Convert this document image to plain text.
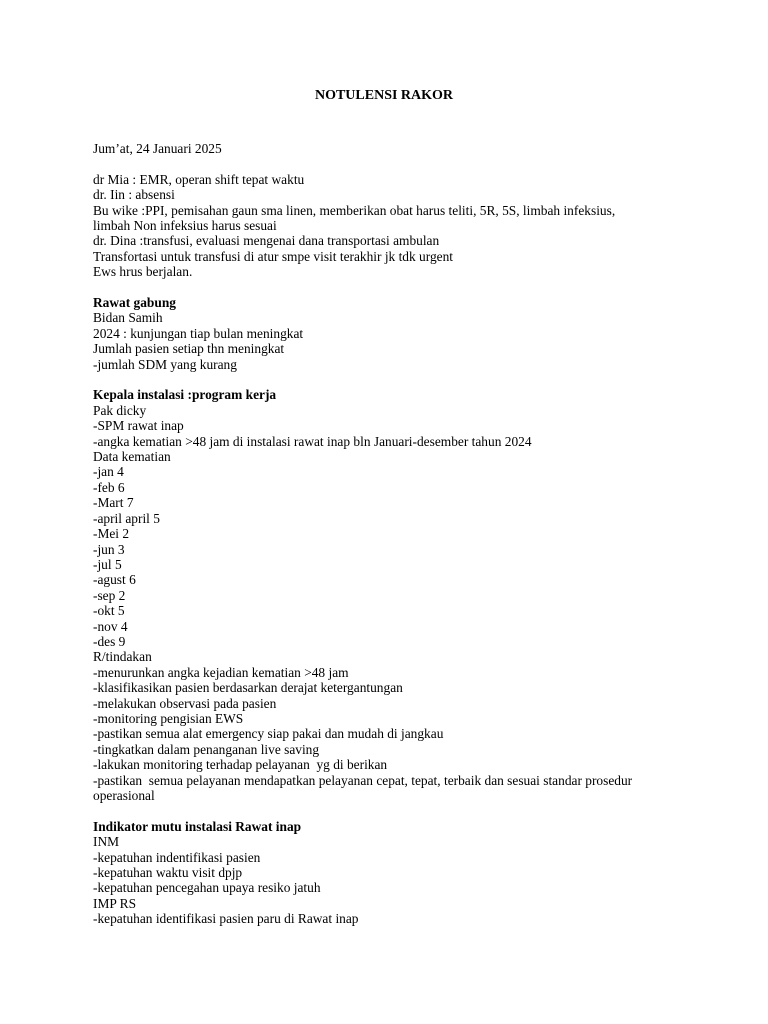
NOTULENSI RAKOR
Jum’at, 24 Januari 2025
dr Mia : EMR, operan shift tepat waktu
dr. Iin : absensi
Bu wike :PPI, pemisahan gaun sma linen, memberikan obat harus teliti, 5R, 5S, limbah infeksius,
limbah Non infeksius harus sesuai
dr. Dina :transfusi, evaluasi mengenai dana transportasi ambulan
Transfortasi untuk transfusi di atur smpe visit terakhir jk tdk urgent
Ews hrus berjalan.
Rawat gabung
Bidan Samih
2024 : kunjungan tiap bulan meningkat
Jumlah pasien setiap thn meningkat
-jumlah SDM yang kurang
Kepala instalasi :program kerja
Pak dicky
-SPM rawat inap
-angka kematian >48 jam di instalasi rawat inap bln Januari-desember tahun 2024
Data kematian
-jan 4
-feb 6
-Mart 7
-april april 5
-Mei 2
-jun 3
-jul 5
-agust 6
-sep 2
-okt 5
-nov 4
-des 9
R/tindakan
-menurunkan angka kejadian kematian >48 jam
-klasifikasikan pasien berdasarkan derajat ketergantungan
-melakukan observasi pada pasien
-monitoring pengisian EWS
-pastikan semua alat emergency siap pakai dan mudah di jangkau
-tingkatkan dalam penanganan live saving
-lakukan monitoring terhadap pelayanan  yg di berikan
-pastikan  semua pelayanan mendapatkan pelayanan cepat, tepat, terbaik dan sesuai standar prosedur
operasional
Indikator mutu instalasi Rawat inap
INM
-kepatuhan indentifikasi pasien
-kepatuhan waktu visit dpjp
-kepatuhan pencegahan upaya resiko jatuh
IMP RS
-kepatuhan identifikasi pasien paru di Rawat inap
